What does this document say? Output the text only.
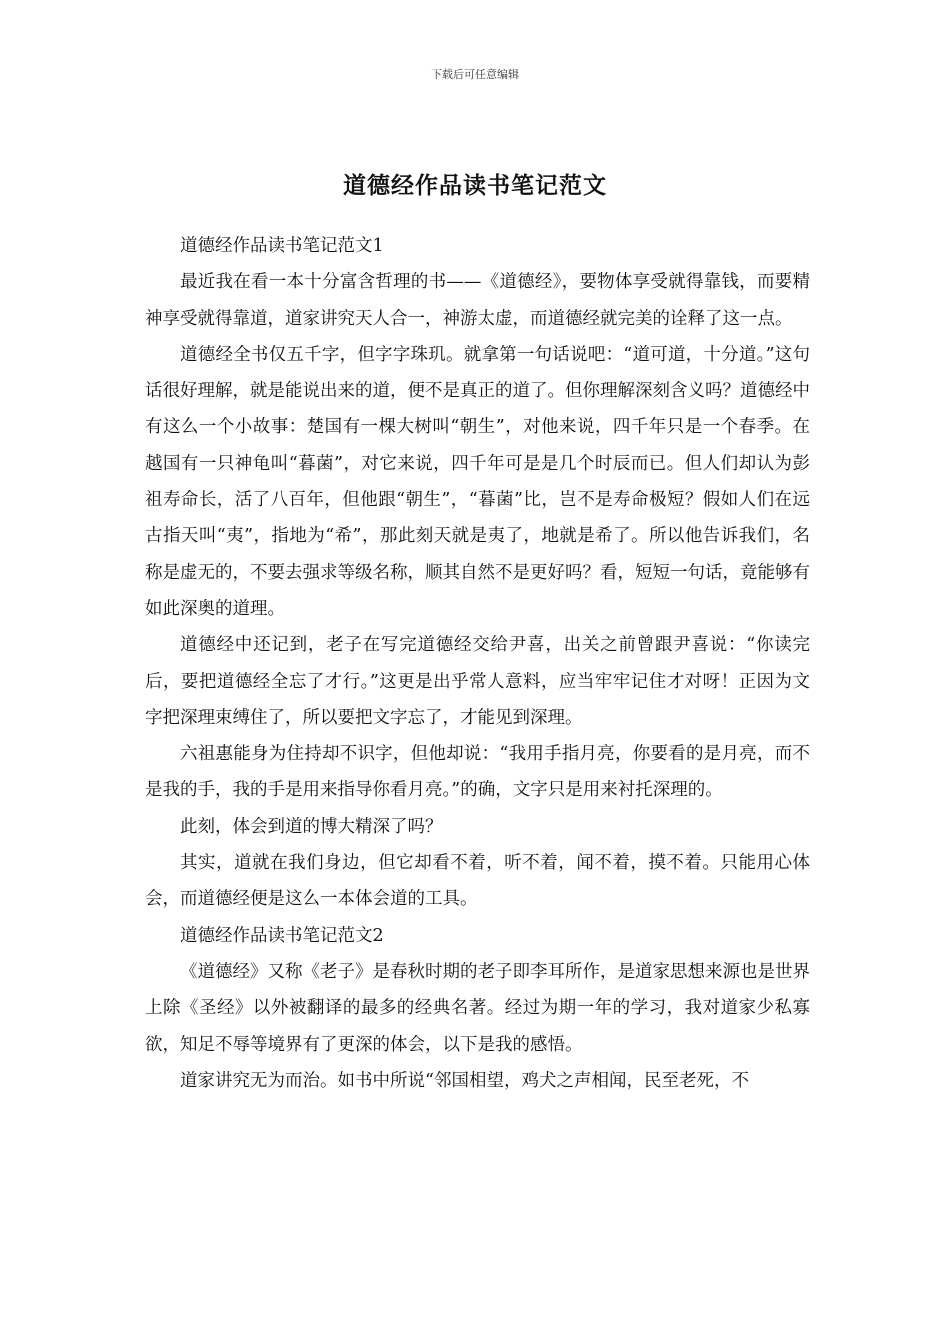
下载后可任意编辑
道德经作品读书笔记范文

道德经作品读书笔记范文1

最近我在看一本十分富含哲理的书——《道德经》，要物体享受就得靠钱，而要精神享受就得靠道，道家讲究天人合一，神游太虚，而道德经就完美的诠释了这一点。

道德经全书仅五千字，但字字珠玑。就拿第一句话说吧：“道可道，十分道。”这句话很好理解，就是能说出来的道，便不是真正的道了。但你理解深刻含义吗？道德经中有这么一个小故事：楚国有一棵大树叫“朝生”，对他来说，四千年只是一个春季。在越国有一只神龟叫“暮菌”，对它来说，四千年可是是几个时辰而已。但人们却认为彭祖寿命长，活了八百年，但他跟“朝生”，“暮菌”比，岂不是寿命极短？假如人们在远古指天叫“夷”，指地为“希”，那此刻天就是夷了，地就是希了。所以他告诉我们，名称是虚无的，不要去强求等级名称，顺其自然不是更好吗？看，短短一句话，竟能够有如此深奥的道理。

道德经中还记到，老子在写完道德经交给尹喜，出关之前曾跟尹喜说：“你读完后，要把道德经全忘了才行。”这更是出乎常人意料，应当牢牢记住才对呀！正因为文字把深理束缚住了，所以要把文字忘了，才能见到深理。

六祖惠能身为住持却不识字，但他却说：“我用手指月亮，你要看的是月亮，而不是我的手，我的手是用来指导你看月亮。”的确，文字只是用来衬托深理的。

此刻，体会到道的博大精深了吗？

其实，道就在我们身边，但它却看不着，听不着，闻不着，摸不着。只能用心体会，而道德经便是这么一本体会道的工具。

道德经作品读书笔记范文2

《道德经》又称《老子》是春秋时期的老子即李耳所作，是道家思想来源也是世界上除《圣经》以外被翻译的最多的经典名著。经过为期一年的学习，我对道家少私寡欲，知足不辱等境界有了更深的体会，以下是我的感悟。

道家讲究无为而治。如书中所说“邻国相望，鸡犬之声相闻，民至老死，不
